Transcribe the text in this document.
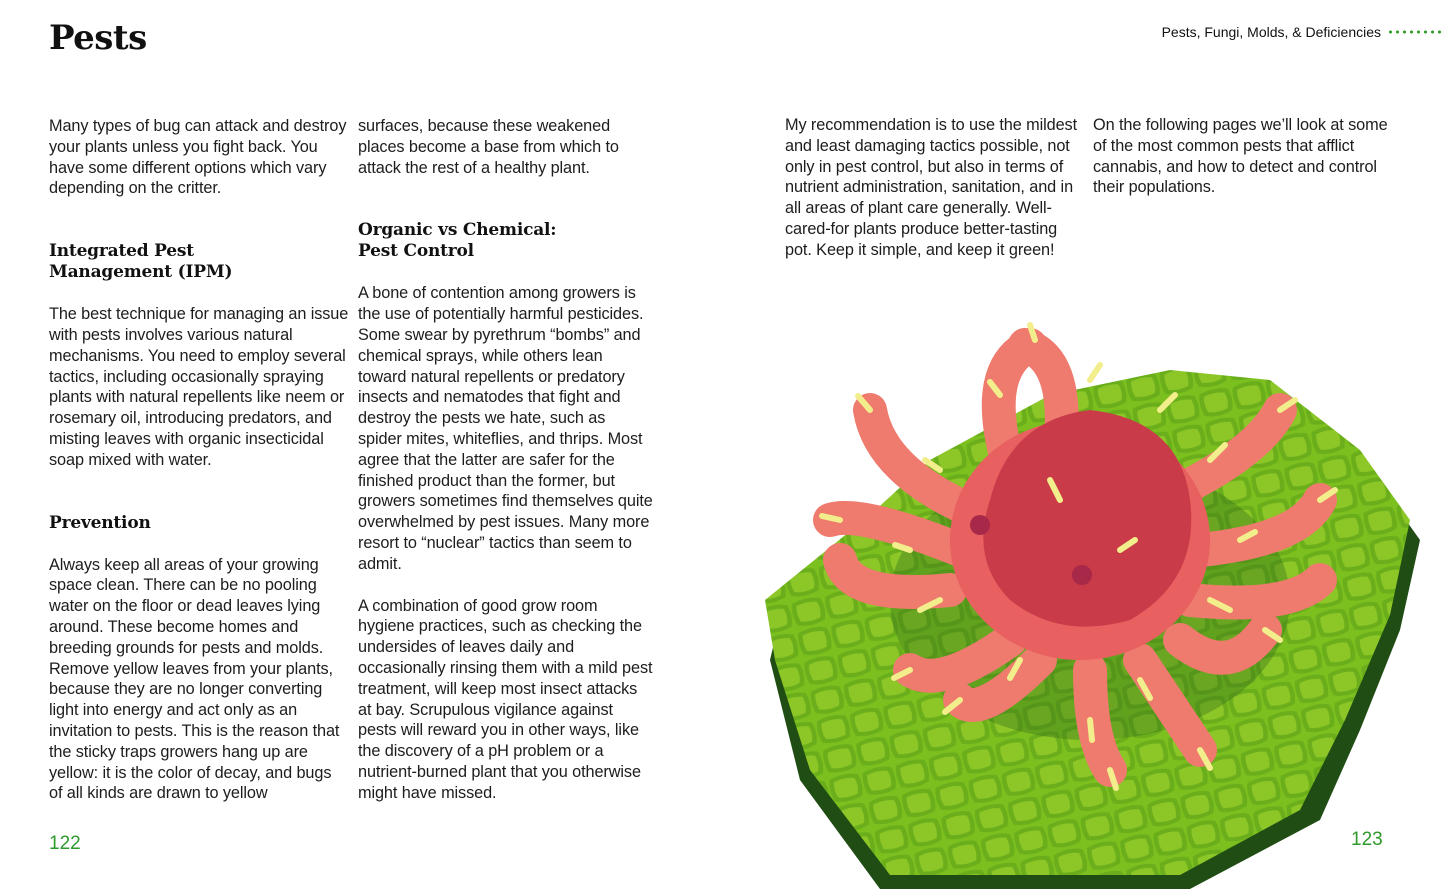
Pests	Pests, Fungi, Molds, & Deficiencies

Many types of bug can attack and destroy your plants unless you fight back. You have some different options which vary depending on the critter.

Integrated Pest
Management (IPM)

The best technique for managing an issue with pests involves various natural mechanisms. You need to employ several tactics, including occasionally spraying plants with natural repellents like neem or rosemary oil, introducing predators, and misting leaves with organic insecticidal soap mixed with water.

Prevention

Always keep all areas of your growing space clean. There can be no pooling water on the floor or dead leaves lying around. These become homes and breeding grounds for pests and molds. Remove yellow leaves from your plants, because they are no longer converting light into energy and act only as an invitation to pests. This is the reason that the sticky traps growers hang up are yellow: it is the color of decay, and bugs of all kinds are drawn to yellow

surfaces, because these weakened places become a base from which to attack the rest of a healthy plant.

Organic vs Chemical:
Pest Control

A bone of contention among growers is the use of potentially harmful pesticides. Some swear by pyrethrum “bombs” and chemical sprays, while others lean toward natural repellents or predatory insects and nematodes that fight and destroy the pests we hate, such as spider mites, whiteflies, and thrips. Most agree that the latter are safer for the finished product than the former, but growers sometimes find themselves quite overwhelmed by pest issues. Many more resort to “nuclear” tactics than seem to admit.

A combination of good grow room hygiene practices, such as checking the undersides of leaves daily and occasionally rinsing them with a mild pest treatment, will keep most insect attacks at bay. Scrupulous vigilance against pests will reward you in other ways, like the discovery of a pH problem or a nutrient-burned plant that you otherwise might have missed.

My recommendation is to use the mildest and least damaging tactics possible, not only in pest control, but also in terms of nutrient administration, sanitation, and in all areas of plant care generally. Well-cared-for plants produce better-tasting pot. Keep it simple, and keep it green!

On the following pages we’ll look at some of the most common pests that afflict cannabis, and how to detect and control their populations.

122	123
